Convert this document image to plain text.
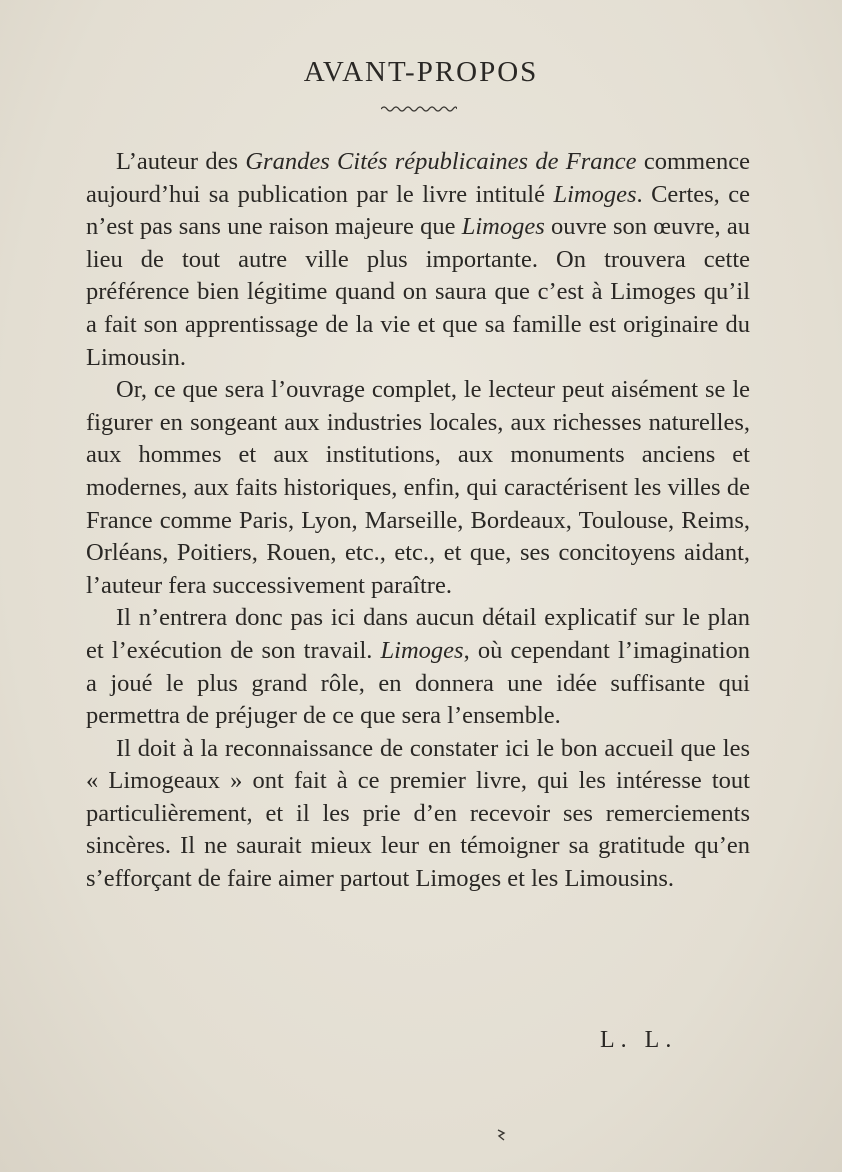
AVANT-PROPOS

L’auteur des Grandes Cités républicaines de France commence aujourd’hui sa publication par le livre intitulé Limoges. Certes, ce n’est pas sans une raison majeure que Limoges ouvre son œuvre, au lieu de tout autre ville plus importante. On trouvera cette préférence bien légitime quand on saura que c’est à Limoges qu’il a fait son apprentissage de la vie et que sa famille est originaire du Limousin.

Or, ce que sera l’ouvrage complet, le lecteur peut aisément se le figurer en songeant aux industries locales, aux richesses naturelles, aux hommes et aux institutions, aux monuments anciens et modernes, aux faits historiques, enfin, qui caractérisent les villes de France comme Paris, Lyon, Marseille, Bordeaux, Toulouse, Reims, Orléans, Poitiers, Rouen, etc., etc., et que, ses concitoyens aidant, l’auteur fera successivement paraître.

Il n’entrera donc pas ici dans aucun détail explicatif sur le plan et l’exécution de son travail. Limoges, où cependant l’imagination a joué le plus grand rôle, en donnera une idée suffisante qui permettra de préjuger de ce que sera l’ensemble.

Il doit à la reconnaissance de constater ici le bon accueil que les « Limogeaux » ont fait à ce premier livre, qui les intéresse tout particulièrement, et il les prie d’en recevoir ses remerciements sincères. Il ne saurait mieux leur en témoigner sa gratitude qu’en s’efforçant de faire aimer partout Limoges et les Limousins.

L. L.
